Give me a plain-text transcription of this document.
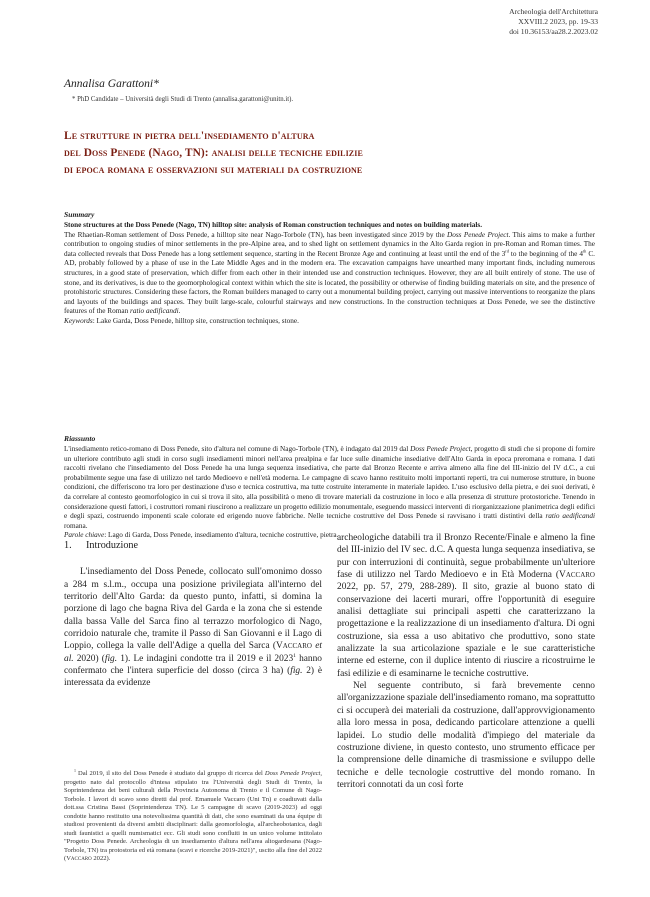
Archeologia dell'Architettura
XXVIII.2 2023, pp. 19-33
doi 10.36153/aa28.2.2023.02
Annalisa Garattoni*
* PhD Candidate – Università degli Studi di Trento (annalisa.garattoni@unitn.it).
Le strutture in pietra dell'insediamento d'altura
del Doss Penede (Nago, TN): analisi delle tecniche edilizie
di epoca romana e osservazioni sui materiali da costruzione
Summary

Stone structures at the Doss Penede (Nago, TN) hilltop site: analysis of Roman construction techniques and notes on building materials.

The Rhaetian-Roman settlement of Doss Penede, a hilltop site near Nago-Torbole (TN), has been investigated since 2019 by the Doss Penede Project. This aims to make a further contribution to ongoing studies of minor settlements in the pre-Alpine area, and to shed light on settlement dynamics in the Alto Garda region in pre-Roman and Roman times. The data collected reveals that Doss Penede has a long settlement sequence, starting in the Recent Bronze Age and continuing at least until the end of the 3rd to the beginning of the 4th C. AD, probably followed by a phase of use in the Late Middle Ages and in the modern era. The excavation campaigns have unearthed many important finds, including numerous structures, in a good state of preservation, which differ from each other in their intended use and construction techniques. However, they are all built entirely of stone. The use of stone, and its derivatives, is due to the geomorphological context within which the site is located, the possibility or otherwise of finding building materials on site, and the presence of protohistoric structures. Considering these factors, the Roman builders managed to carry out a monumental building project, carrying out massive interventions to reorganize the plans and layouts of the buildings and spaces. They built large-scale, colourful stairways and new constructions. In the construction techniques at Doss Penede, we see the distinctive features of the Roman ratio aedificandi.

Keywords: Lake Garda, Doss Penede, hilltop site, construction techniques, stone.

Riassunto

L'insediamento retico-romano di Doss Penede, sito d'altura nel comune di Nago-Torbole (TN), è indagato dal 2019 dal Doss Penede Project, progetto di studi che si propone di fornire un ulteriore contributo agli studi in corso sugli insediamenti minori nell'area prealpina e far luce sulle dinamiche insediative dell'Alto Garda in epoca preromana e romana. I dati raccolti rivelano che l'insediamento del Doss Penede ha una lunga sequenza insediativa, che parte dal Bronzo Recente e arriva almeno alla fine del III-inizio del IV d.C., a cui probabilmente segue una fase di utilizzo nel tardo Medioevo e nell'età moderna. Le campagne di scavo hanno restituito molti importanti reperti, tra cui numerose strutture, in buone condizioni, che differiscono tra loro per destinazione d'uso e tecnica costruttiva, ma tutte costruite interamente in materiale lapideo. L'uso esclusivo della pietra, e dei suoi derivati, è da correlare al contesto geomorfologico in cui si trova il sito, alla possibilità o meno di trovare materiali da costruzione in loco e alla presenza di strutture protostoriche. Tenendo in considerazione questi fattori, i costruttori romani riuscirono a realizzare un progetto edilizio monumentale, eseguendo massicci interventi di riorganizzazione planimetrica degli edifici e degli spazi, costruendo imponenti scale colorate ed erigendo nuove fabbriche. Nelle tecniche costruttive del Doss Penede si ravvisano i tratti distintivi della ratio aedificandi romana.

Parole chiave: Lago di Garda, Doss Penede, insediamento d'altura, tecniche costruttive, pietra.

1. Introduzione

L'insediamento del Doss Penede, collocato sull'omonimo dosso a 284 m s.l.m., occupa una posizione privilegiata all'interno del territorio dell'Alto Garda: da questo punto, infatti, si domina la porzione di lago che bagna Riva del Garda e la zona che si estende dalla bassa Valle del Sarca fino al terrazzo morfologico di Nago, corridoio naturale che, tramite il Passo di San Giovanni e il Lago di Loppio, collega la valle dell'Adige a quella del Sarca (Vaccaro et al. 2020) (fig. 1). Le indagini condotte tra il 2019 e il 2023$^1$ hanno confermato che l'intera superficie del dosso (circa 3 ha) (fig. 2) è interessata da evidenze

$^1$ Dal 2019, il sito del Doss Penede è studiato dal gruppo di ricerca del Doss Penede Project, progetto nato dal protocollo d'intesa stipulato tra l'Università degli Studi di Trento, la Soprintendenza dei beni culturali della Provincia Autonoma di Trento e il Comune di Nago-Torbole. I lavori di scavo sono diretti dal prof. Emanuele Vaccaro (Uni Tn) e coadiuvati dalla dott.ssa Cristina Bassi (Soprintendenza TN). Le 5 campagne di scavo (2019-2023) ad oggi condotte hanno restituito una notevolissima quantità di dati, che sono esaminati da una équipe di studiosi provenienti da diversi ambiti disciplinari: dalla geomorfologia, all'archeobotanica, dagli studi faunistici a quelli numismatici ecc. Gli studi sono confluiti in un unico volume intitolato "Progetto Doss Penede. Archeologia di un insediamento d'altura nell'area altogardesana (Nago-Torbole, TN) tra protostoria ed età romana (scavi e ricerche 2019-2021)", uscito alla fine del 2022 (Vaccaro 2022).

archeologiche databili tra il Bronzo Recente/Finale e almeno la fine del III-inizio del IV sec. d.C. A questa lunga sequenza insediativa, se pur con interruzioni di continuità, segue probabilmente un'ulteriore fase di utilizzo nel Tardo Medioevo e in Età Moderna (Vaccaro 2022, pp. 57, 279, 288-289). Il sito, grazie al buono stato di conservazione dei lacerti murari, offre l'opportunità di eseguire analisi dettagliate sui principali aspetti che caratterizzano la progettazione e la realizzazione di un insediamento d'altura. Di ogni costruzione, sia essa a uso abitativo che produttivo, sono state analizzate la sua articolazione spaziale e le sue caratteristiche interne ed esterne, con il duplice intento di riuscire a ricostruirne le fasi edilizie e di esaminarne le tecniche costruttive.

Nel seguente contributo, si farà brevemente cenno all'organizzazione spaziale dell'insediamento romano, ma soprattutto ci si occuperà dei materiali da costruzione, dall'approvvigionamento alla loro messa in posa, dedicando particolare attenzione a quelli lapidei. Lo studio delle modalità d'impiego del materiale da costruzione diviene, in questo contesto, uno strumento efficace per la comprensione delle dinamiche di trasmissione e sviluppo delle tecniche e delle tecnologie costruttive del mondo romano. In territori connotati da un così forte
